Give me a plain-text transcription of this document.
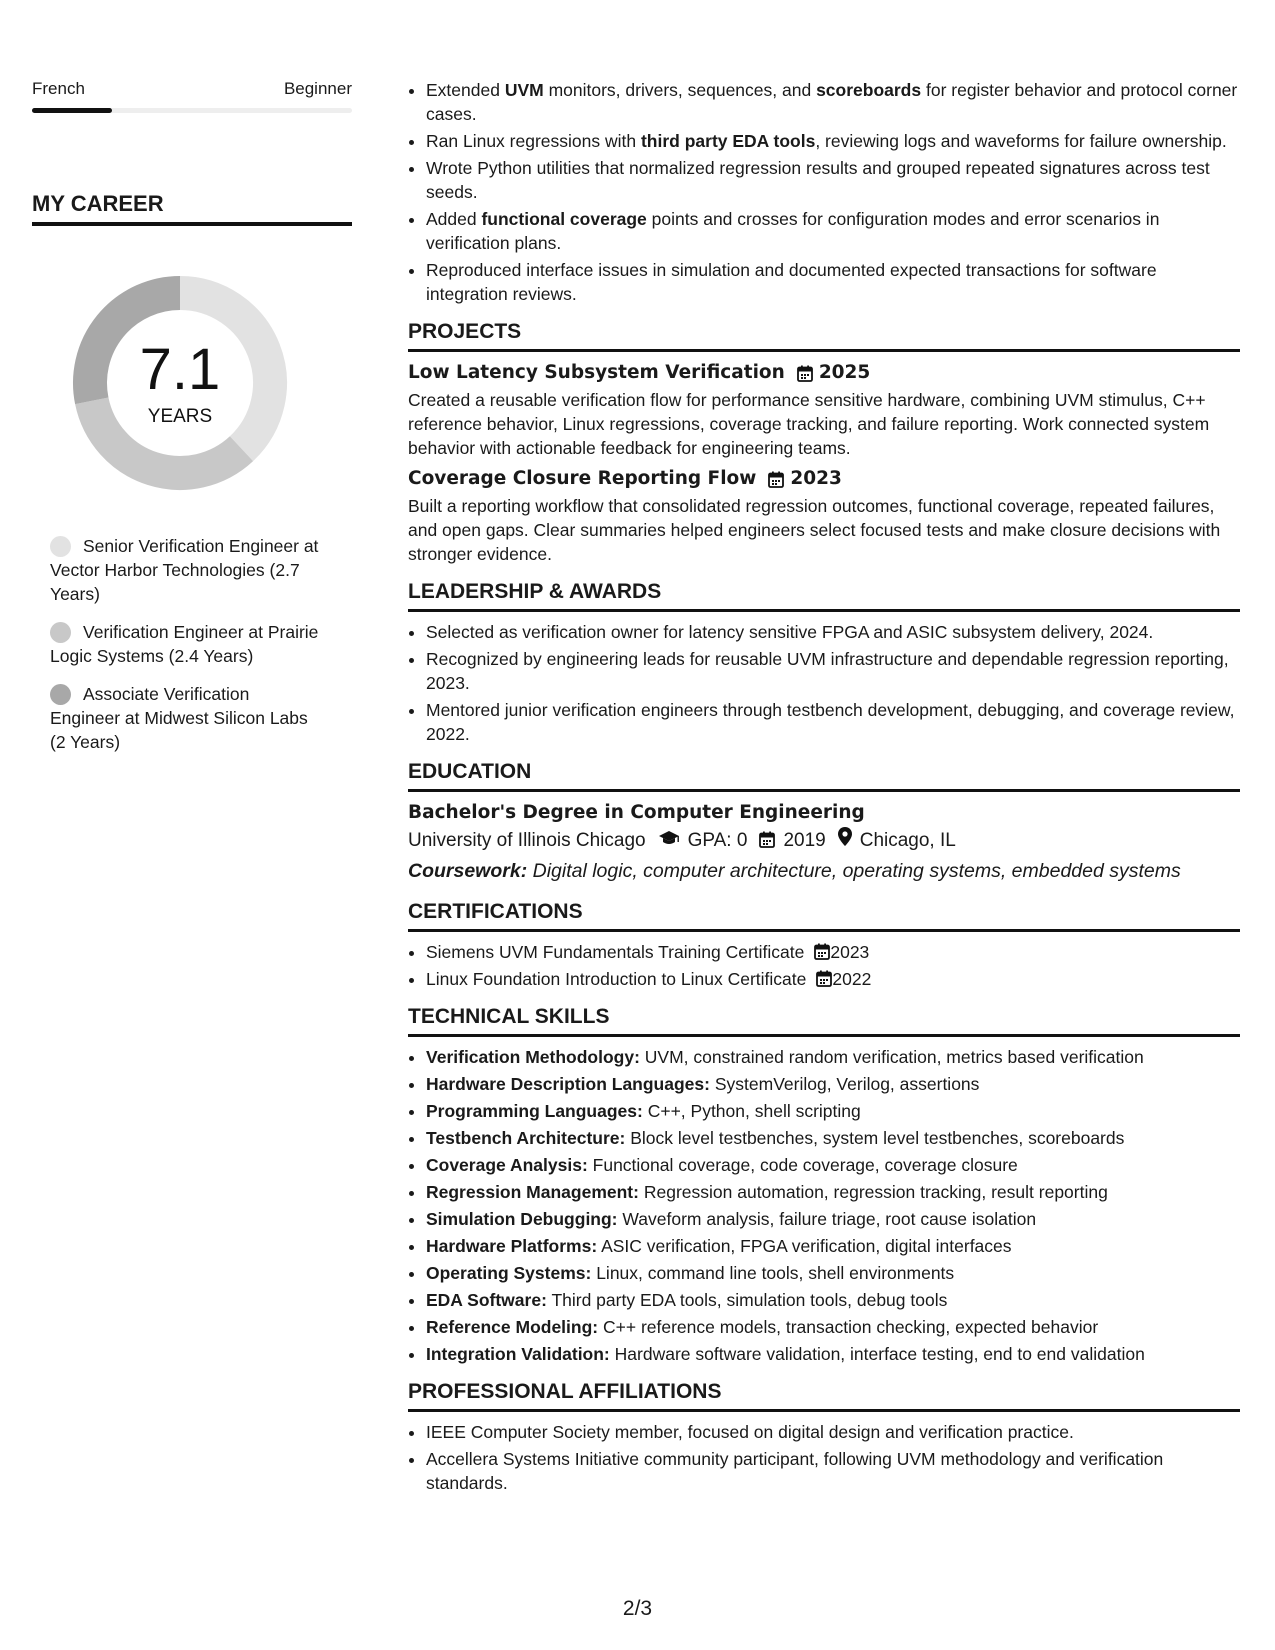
French	Beginner
MY CAREER
7.1
YEARS
Senior Verification Engineer at Vector Harbor Technologies (2.7 Years)
Verification Engineer at Prairie Logic Systems (2.4 Years)
Associate Verification Engineer at Midwest Silicon Labs (2 Years)
• Extended UVM monitors, drivers, sequences, and scoreboards for register behavior and protocol corner cases.
• Ran Linux regressions with third party EDA tools, reviewing logs and waveforms for failure ownership.
• Wrote Python utilities that normalized regression results and grouped repeated signatures across test seeds.
• Added functional coverage points and crosses for configuration modes and error scenarios in verification plans.
• Reproduced interface issues in simulation and documented expected transactions for software integration reviews.
PROJECTS
Low Latency Subsystem Verification 2025
Created a reusable verification flow for performance sensitive hardware, combining UVM stimulus, C++ reference behavior, Linux regressions, coverage tracking, and failure reporting. Work connected system behavior with actionable feedback for engineering teams.
Coverage Closure Reporting Flow 2023
Built a reporting workflow that consolidated regression outcomes, functional coverage, repeated failures, and open gaps. Clear summaries helped engineers select focused tests and make closure decisions with stronger evidence.
LEADERSHIP & AWARDS
• Selected as verification owner for latency sensitive FPGA and ASIC subsystem delivery, 2024.
• Recognized by engineering leads for reusable UVM infrastructure and dependable regression reporting, 2023.
• Mentored junior verification engineers through testbench development, debugging, and coverage review, 2022.
EDUCATION
Bachelor's Degree in Computer Engineering
University of Illinois Chicago GPA: 0 2019 Chicago, IL
Coursework: Digital logic, computer architecture, operating systems, embedded systems
CERTIFICATIONS
• Siemens UVM Fundamentals Training Certificate 2023
• Linux Foundation Introduction to Linux Certificate 2022
TECHNICAL SKILLS
• Verification Methodology: UVM, constrained random verification, metrics based verification
• Hardware Description Languages: SystemVerilog, Verilog, assertions
• Programming Languages: C++, Python, shell scripting
• Testbench Architecture: Block level testbenches, system level testbenches, scoreboards
• Coverage Analysis: Functional coverage, code coverage, coverage closure
• Regression Management: Regression automation, regression tracking, result reporting
• Simulation Debugging: Waveform analysis, failure triage, root cause isolation
• Hardware Platforms: ASIC verification, FPGA verification, digital interfaces
• Operating Systems: Linux, command line tools, shell environments
• EDA Software: Third party EDA tools, simulation tools, debug tools
• Reference Modeling: C++ reference models, transaction checking, expected behavior
• Integration Validation: Hardware software validation, interface testing, end to end validation
PROFESSIONAL AFFILIATIONS
• IEEE Computer Society member, focused on digital design and verification practice.
• Accellera Systems Initiative community participant, following UVM methodology and verification standards.
2/3
